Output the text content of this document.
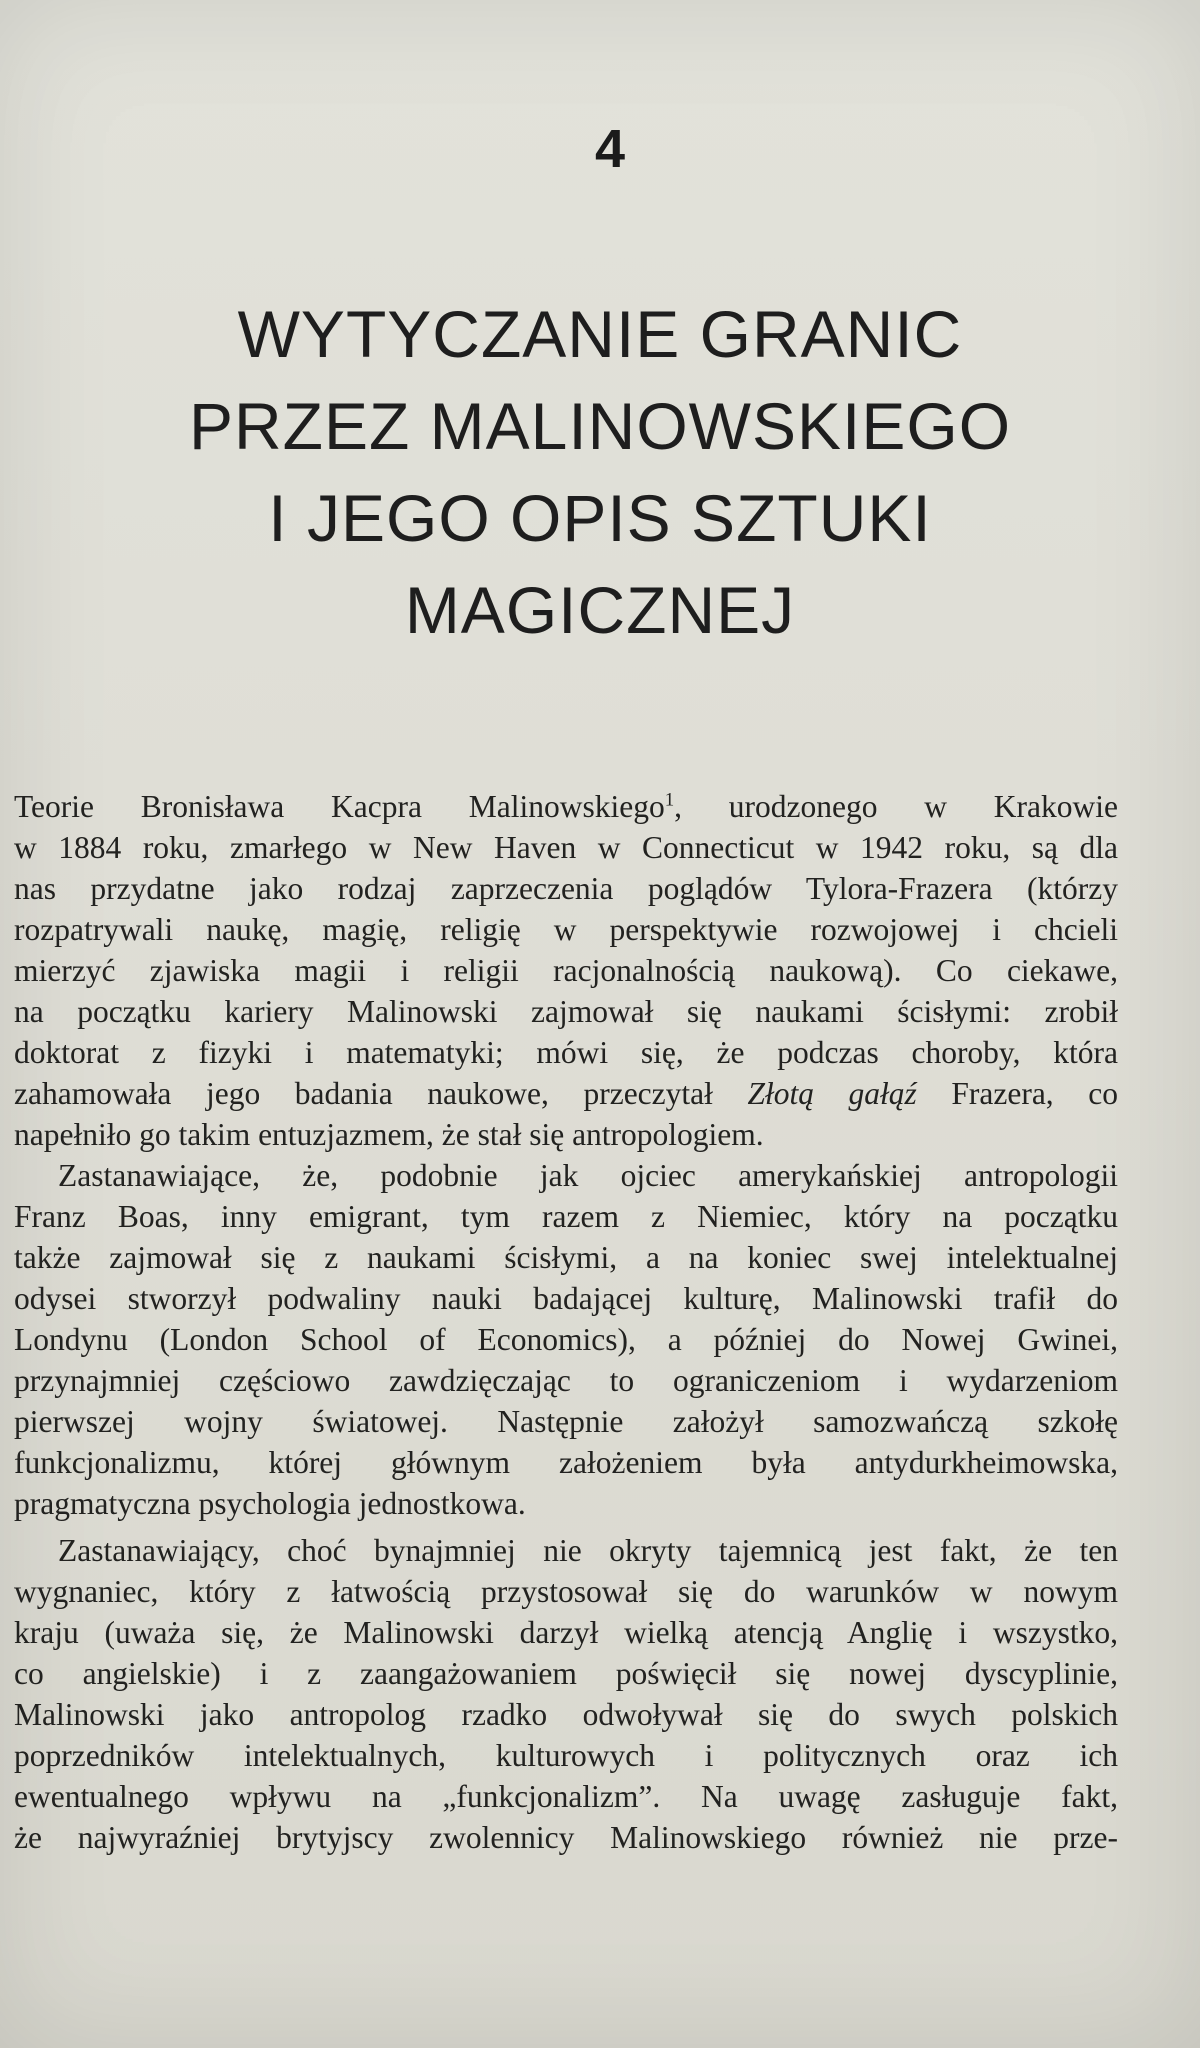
4
WYTYCZANIE GRANIC
PRZEZ MALINOWSKIEGO
I JEGO OPIS SZTUKI
MAGICZNEJ

Teorie Bronisława Kacpra Malinowskiego$^1$, urodzonego w Krakowie
w 1884 roku, zmarłego w New Haven w Connecticut w 1942 roku, są dla
nas przydatne jako rodzaj zaprzeczenia poglądów Tylora-Frazera (którzy
rozpatrywali naukę, magię, religię w perspektywie rozwojowej i chcieli
mierzyć zjawiska magii i religii racjonalnością naukową). Co ciekawe,
na początku kariery Malinowski zajmował się naukami ścisłymi: zrobił
doktorat z fizyki i matematyki; mówi się, że podczas choroby, która
zahamowała jego badania naukowe, przeczytał Złotą gałąź Frazera, co
napełniło go takim entuzjazmem, że stał się antropologiem.

Zastanawiające, że, podobnie jak ojciec amerykańskiej antropologii
Franz Boas, inny emigrant, tym razem z Niemiec, który na początku
także zajmował się z naukami ścisłymi, a na koniec swej intelektualnej
odysei stworzył podwaliny nauki badającej kulturę, Malinowski trafił do
Londynu (London School of Economics), a później do Nowej Gwinei,
przynajmniej częściowo zawdzięczając to ograniczeniom i wydarzeniom
pierwszej wojny światowej. Następnie założył samozwańczą szkołę
funkcjonalizmu, której głównym założeniem była antydurkheimowska,
pragmatyczna psychologia jednostkowa.

Zastanawiający, choć bynajmniej nie okryty tajemnicą jest fakt, że ten
wygnaniec, który z łatwością przystosował się do warunków w nowym
kraju (uważa się, że Malinowski darzył wielką atencją Anglię i wszystko,
co angielskie) i z zaangażowaniem poświęcił się nowej dyscyplinie,
Malinowski jako antropolog rzadko odwoływał się do swych polskich
poprzedników intelektualnych, kulturowych i politycznych oraz ich
ewentualnego wpływu na „funkcjonalizm”. Na uwagę zasługuje fakt,
że najwyraźniej brytyjscy zwolennicy Malinowskiego również nie prze-
